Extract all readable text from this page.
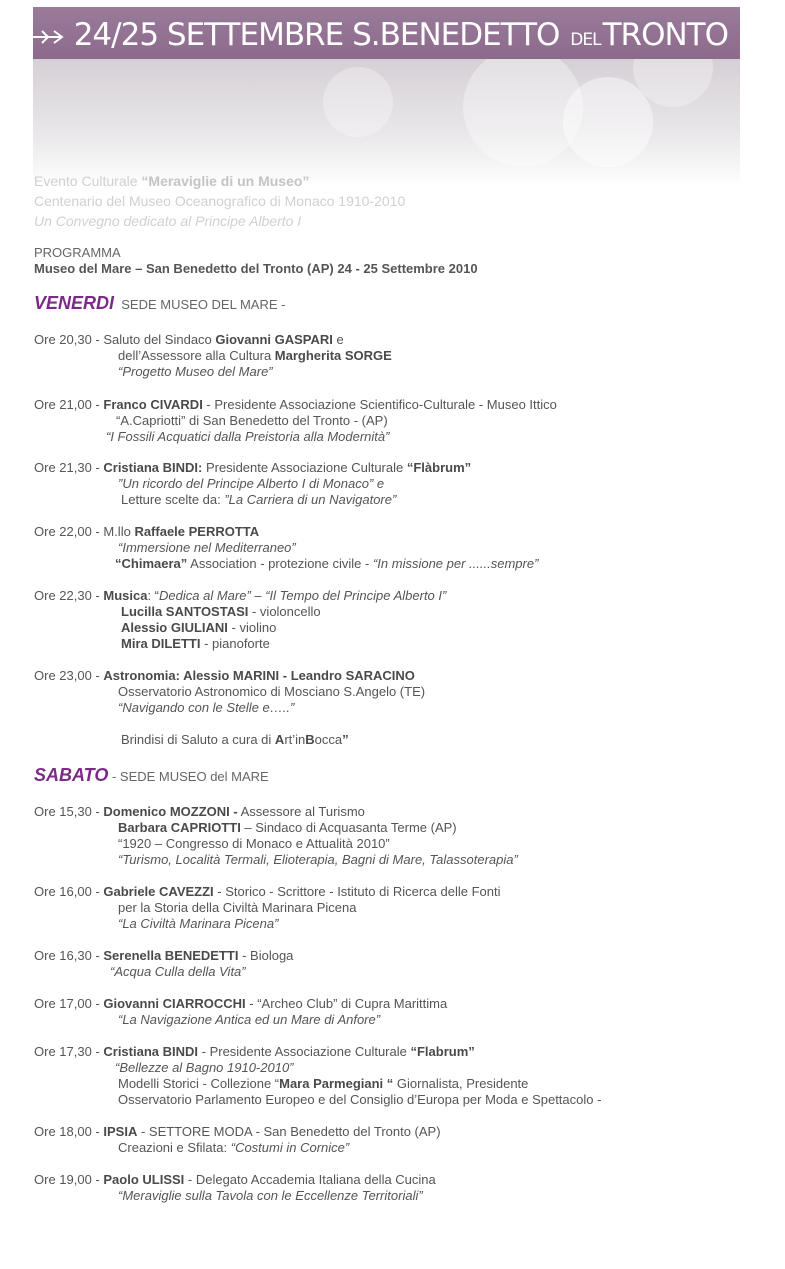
24/25 SETTEMBRE S.BENEDETTO DELTRONTO
Evento Culturale “Meraviglie di un Museo”
Centenario del Museo Oceanografico di Monaco 1910-2010
Un Convegno dedicato al Principe Alberto I
PROGRAMMA
Museo del Mare – San Benedetto del Tronto (AP) 24 - 25 Settembre 2010
VENERDI SEDE MUSEO DEL MARE -
Ore 20,30 - Saluto del Sindaco Giovanni GASPARI e
dell’Assessore alla Cultura Margherita SORGE
“Progetto Museo del Mare”
Ore 21,00 - Franco CIVARDI - Presidente Associazione Scientifico-Culturale - Museo Ittico
“A.Capriotti” di San Benedetto del Tronto - (AP)
“I Fossili Acquatici dalla Preistoria alla Modernità”
Ore 21,30 - Cristiana BINDI: Presidente Associazione Culturale “Flàbrum”
”Un ricordo del Principe Alberto I di Monaco” e
Letture scelte da: ”La Carriera di un Navigatore”
Ore 22,00 - M.llo Raffaele PERROTTA
“Immersione nel Mediterraneo”
“Chimaera” Association - protezione civile - “In missione per ......sempre”
Ore 22,30 - Musica: “Dedica al Mare” – “Il Tempo del Principe Alberto I”
Lucilla SANTOSTASI - violoncello
Alessio GIULIANI - violino
Mira DILETTI - pianoforte
Ore 23,00 - Astronomia: Alessio MARINI - Leandro SARACINO
Osservatorio Astronomico di Mosciano S.Angelo (TE)
“Navigando con le Stelle e…..”
Brindisi di Saluto a cura di Art’inBocca”
SABATO - SEDE MUSEO del MARE
Ore 15,30 - Domenico MOZZONI - Assessore al Turismo
Barbara CAPRIOTTI – Sindaco di Acquasanta Terme (AP)
“1920 – Congresso di Monaco e Attualità 2010”
“Turismo, Località Termali, Elioterapia, Bagni di Mare, Talassoterapia”
Ore 16,00 - Gabriele CAVEZZI - Storico - Scrittore - Istituto di Ricerca delle Fonti
per la Storia della Civiltà Marinara Picena
“La Civiltà Marinara Picena”
Ore 16,30 - Serenella BENEDETTI - Biologa
“Acqua Culla della Vita”
Ore 17,00 - Giovanni CIARROCCHI - “Archeo Club” di Cupra Marittima
“La Navigazione Antica ed un Mare di Anfore”
Ore 17,30 - Cristiana BINDI - Presidente Associazione Culturale “Flabrum”
“Bellezze al Bagno 1910-2010”
Modelli Storici - Collezione “Mara Parmegiani “ Giornalista, Presidente
Osservatorio Parlamento Europeo e del Consiglio d’Europa per Moda e Spettacolo -
Ore 18,00 - IPSIA - SETTORE MODA - San Benedetto del Tronto (AP)
Creazioni e Sfilata: “Costumi in Cornice”
Ore 19,00 - Paolo ULISSI - Delegato Accademia Italiana della Cucina
“Meraviglie sulla Tavola con le Eccellenze Territoriali”
